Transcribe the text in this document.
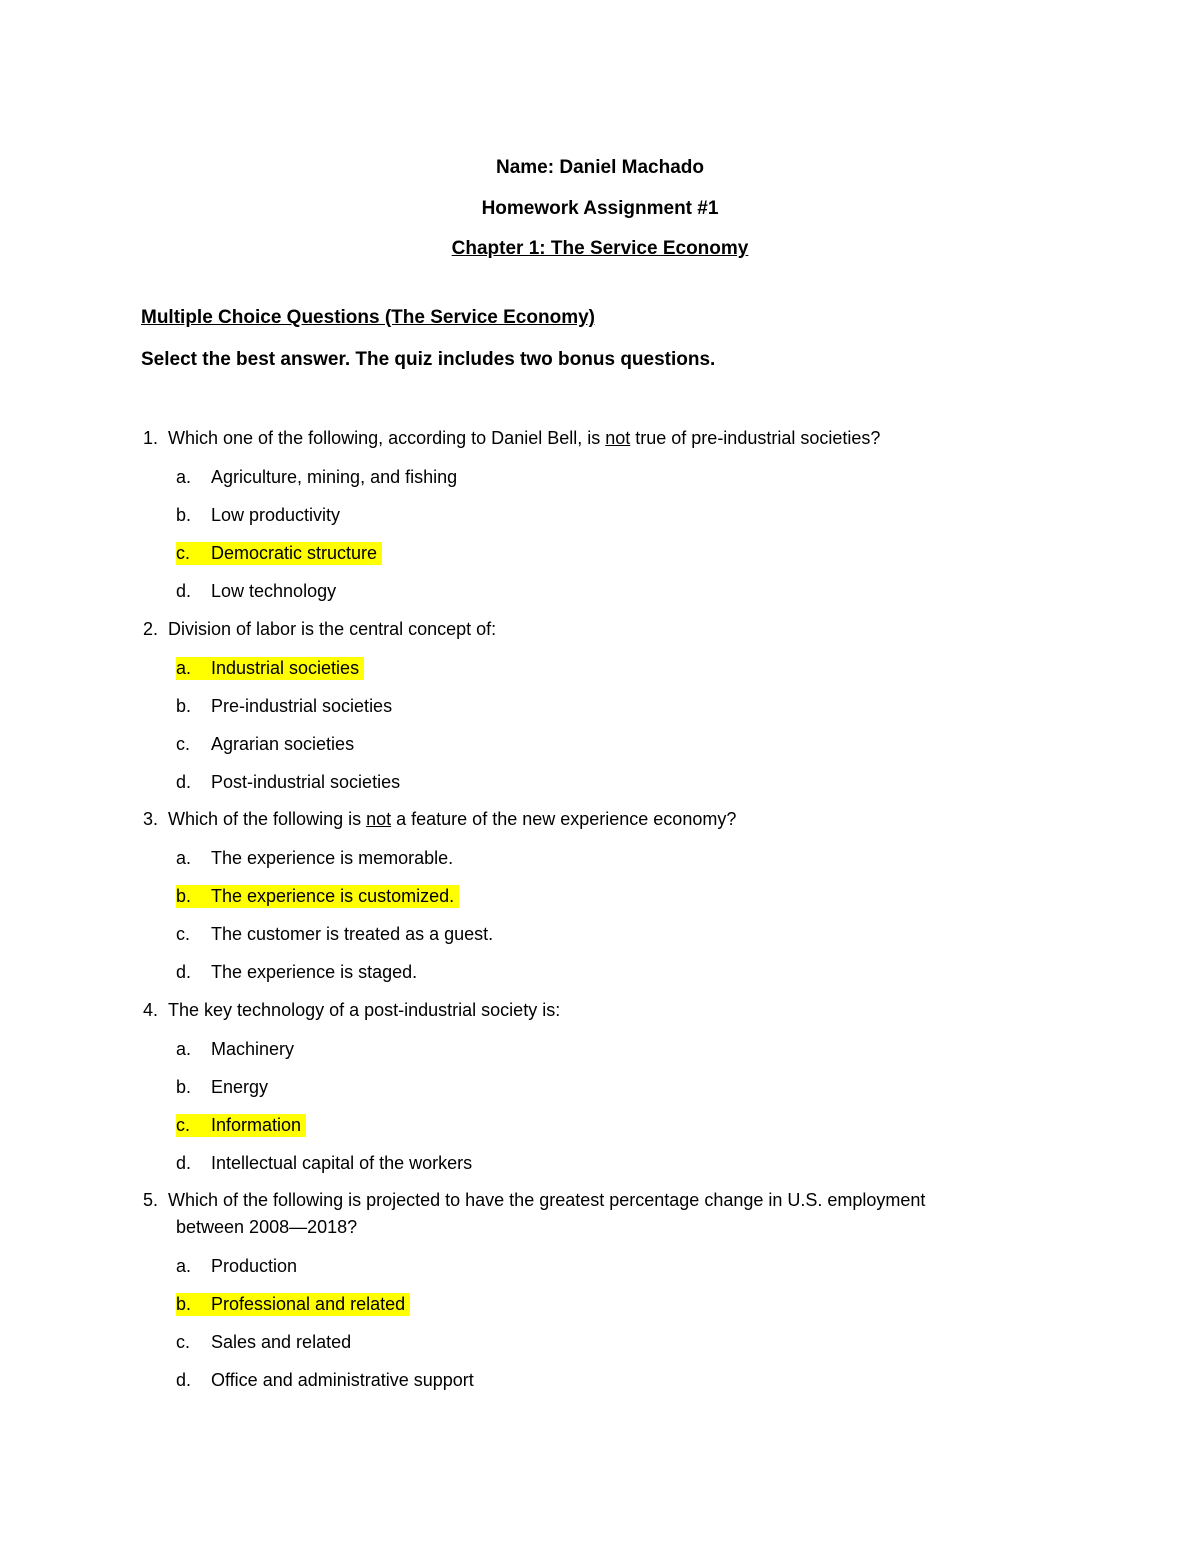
Name: Daniel Machado
Homework Assignment #1
Chapter 1: The Service Economy
Multiple Choice Questions (The Service Economy)
Select the best answer. The quiz includes two bonus questions.
1. Which one of the following, according to Daniel Bell, is not true of pre-industrial societies?
a. Agriculture, mining, and fishing
b. Low productivity
c. Democratic structure
d. Low technology
2. Division of labor is the central concept of:
a. Industrial societies
b. Pre-industrial societies
c. Agrarian societies
d. Post-industrial societies
3. Which of the following is not a feature of the new experience economy?
a. The experience is memorable.
b. The experience is customized.
c. The customer is treated as a guest.
d. The experience is staged.
4. The key technology of a post-industrial society is:
a. Machinery
b. Energy
c. Information
d. Intellectual capital of the workers
5. Which of the following is projected to have the greatest percentage change in U.S. employment
between 2008—2018?
a. Production
b. Professional and related
c. Sales and related
d. Office and administrative support
